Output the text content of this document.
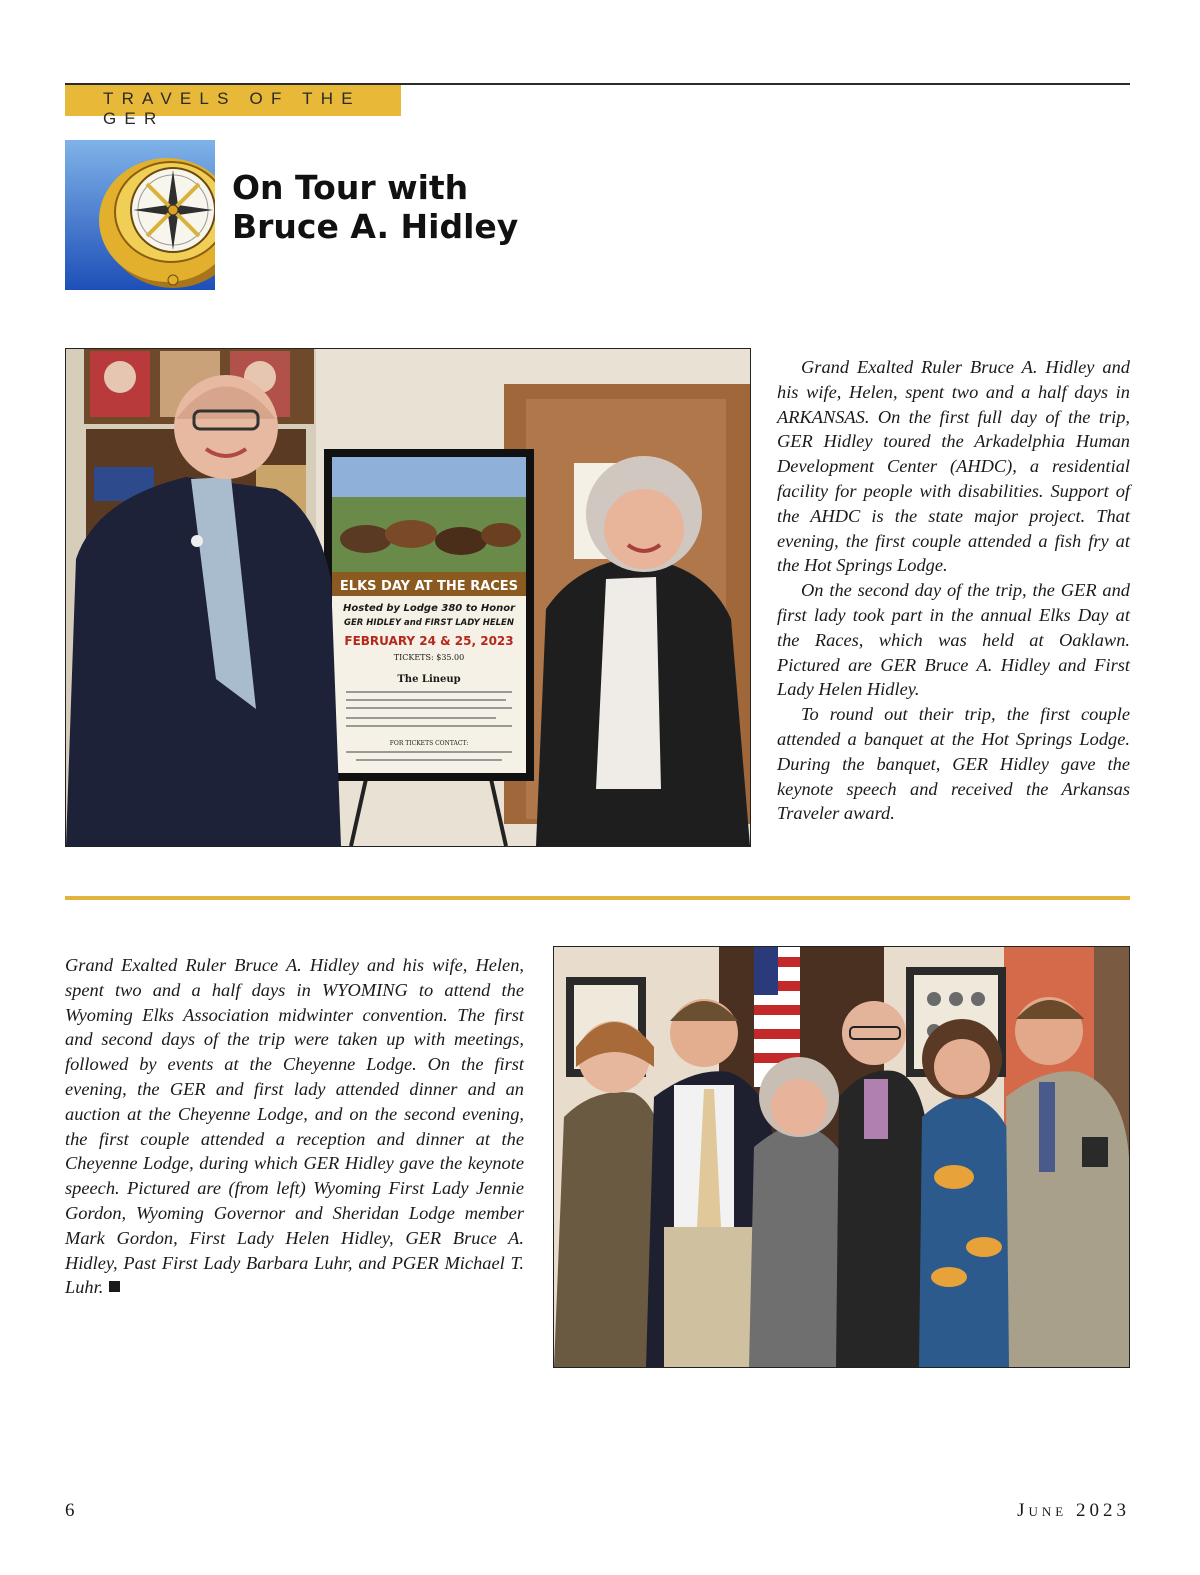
TRAVELS OF THE GER
On Tour with
Bruce A. Hidley
ELKS DAY AT THE RACES
Hosted by Lodge 380 to Honor
GER HIDLEY and FIRST LADY HELEN
FEBRUARY 24 & 25, 2023
TICKETS: $35.00
The Lineup
FOR TICKETS CONTACT:

Grand Exalted Ruler Bruce A. Hidley and his wife, Helen, spent two and a half days in ARKANSAS. On the first full day of the trip, GER Hidley toured the Arkadelphia Human Development Center (AHDC), a residential facility for people with disabilities. Support of the AHDC is the state major project. That evening, the first couple attended a fish fry at the Hot Springs Lodge.

On the second day of the trip, the GER and first lady took part in the annual Elks Day at the Races, which was held at Oaklawn. Pictured are GER Bruce A. Hidley and First Lady Helen Hidley.

To round out their trip, the first couple attended a banquet at the Hot Springs Lodge. During the banquet, GER Hidley gave the keynote speech and received the Arkansas Traveler award.

Grand Exalted Ruler Bruce A. Hidley and his wife, Helen, spent two and a half days in WYOMING to attend the Wyoming Elks Association midwinter convention. The first and second days of the trip were taken up with meetings, followed by events at the Cheyenne Lodge. On the first evening, the GER and first lady attended dinner and an auction at the Cheyenne Lodge, and on the second evening, the first couple attended a reception and dinner at the Cheyenne Lodge, during which GER Hidley gave the keynote speech. Pictured are (from left) Wyoming First Lady Jennie Gordon, Wyoming Governor and Sheridan Lodge member Mark Gordon, First Lady Helen Hidley, GER Bruce A. Hidley, Past First Lady Barbara Luhr, and PGER Michael T. Luhr.

6	June 2023
